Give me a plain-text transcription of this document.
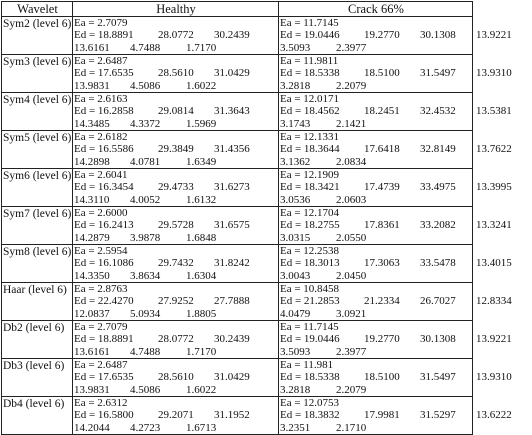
Wavelet	Healthy	Crack 66%
Sym2 (level 6)	Ea = 2.7079
Ed = 18.8891 28.0772 30.2439
13.6161 4.7488 1.7170	Ea = 11.7145
Ed = 19.0446 19.2770 30.1308 13.9221
3.5093 2.3977

Sym3 (level 6)	Ea = 2.6487
Ed = 17.6535 28.5610 31.0429
13.9831 4.5086 1.6022	Ea = 11.9811
Ed = 18.5338 18.5100 31.5497 13.9310
3.2818 2.2079

Sym4 (level 6)	Ea = 2.6163
Ed = 16.2858 29.0814 31.3643
14.3485 4.3372 1.5969	Ea = 12.0171
Ed = 18.4562 18.2451 32.4532 13.5381
3.1743 2.1421

Sym5 (level 6)	Ea = 2.6182
Ed = 16.5586 29.3849 31.4356
14.2898 4.0781 1.6349	Ea = 12.1331
Ed = 18.3644 17.6418 32.8149 13.7622
3.1362 2.0834

Sym6 (level 6)	Ea = 2.6041
Ed = 16.3454 29.4733 31.6273
14.3110 4.0052 1.6132	Ea = 12.1909
Ed = 18.3421 17.4739 33.4975 13.3995
3.0536 2.0603

Sym7 (level 6)	Ea = 2.6000
Ed = 16.2413 29.5728 31.6575
14.2879 3.9878 1.6848	Ea = 12.1704
Ed = 18.2755 17.8361 33.2082 13.3241
3.0315 2.0550

Sym8 (level 6)	Ea = 2.5954
Ed = 16.1086 29.7432 31.8242
14.3350 3.8634 1.6304	Ea = 12.2538
Ed = 18.3013 17.3063 33.5478 13.4015
3.0043 2.0450

Haar (level 6)	Ea = 2.8763
Ed = 22.4270 27.9252 27.7888
12.0837 5.0934 1.8805	Ea = 10.8458
Ed = 21.2853 21.2334 26.7027 12.8334
4.0479 3.0921

Db2 (level 6)	Ea = 2.7079
Ed = 18.8891 28.0772 30.2439
13.6161 4.7488 1.7170	Ea = 11.7145
Ed = 19.0446 19.2770 30.1308 13.9221
3.5093 2.3977

Db3 (level 6)	Ea = 2.6487
Ed = 17.6535 28.5610 31.0429
13.9831 4.5086 1.6022	Ea = 11.981
Ed = 18.5338 18.5100 31.5497 13.9310
3.2818 2.2079

Db4 (level 6)	Ea = 2.6312
Ed = 16.5800 29.2071 31.1952
14.2044 4.2723 1.6713	Ea = 12.0753
Ed = 18.3832 17.9981 31.5297 13.6222
3.2351 2.1710
